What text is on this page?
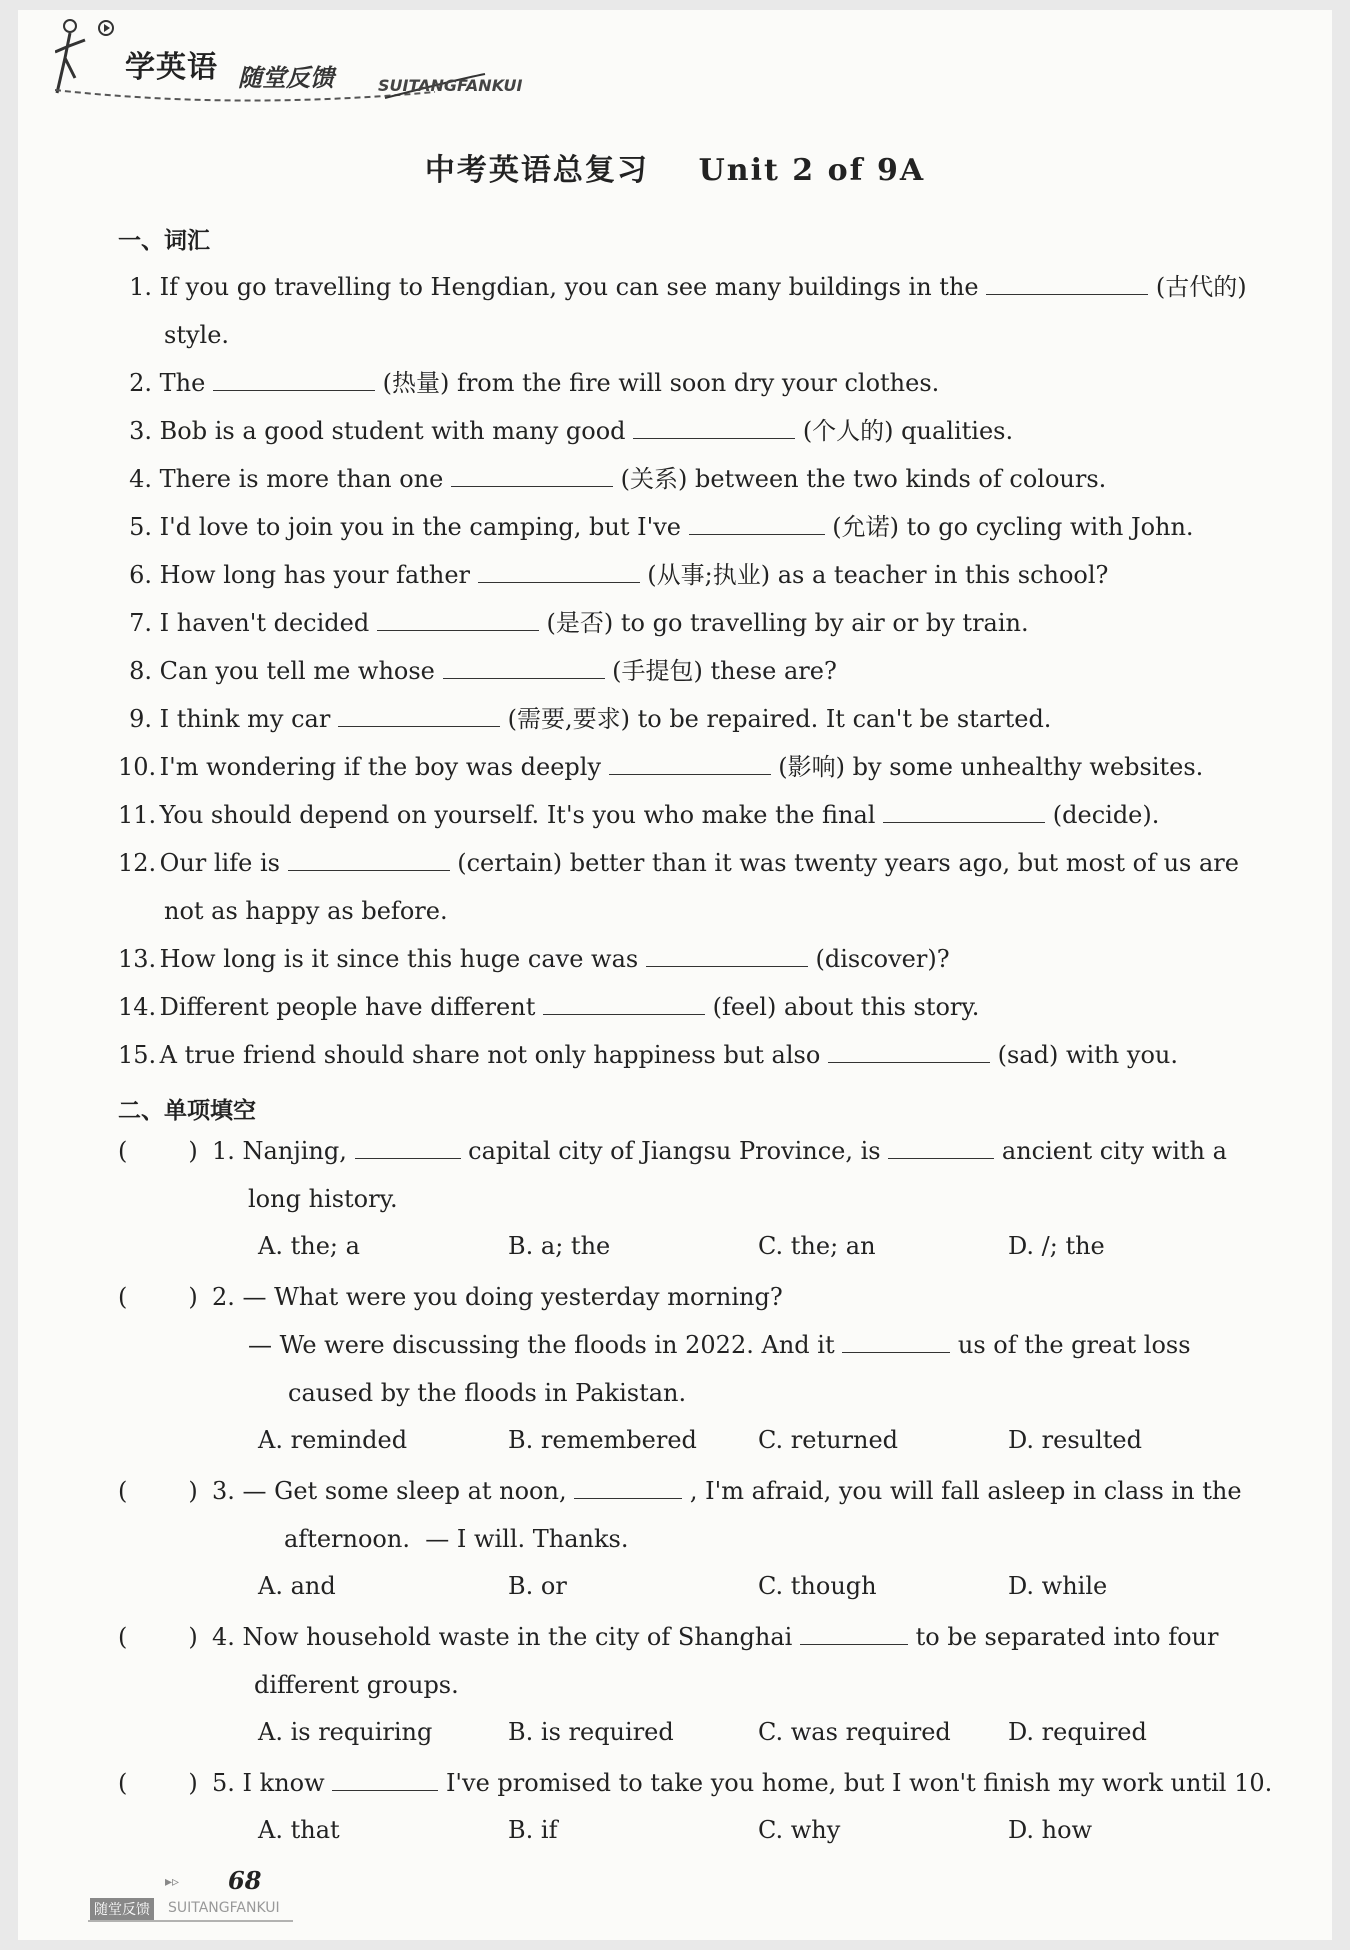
学英语 随堂反馈	SUITANGFANKUI
中考英语总复习    Unit 2 of 9A
一、词汇
1. If you go travelling to Hengdian, you can see many buildings in the	(古代的)
style.
2. The	(热量) from the fire will soon dry your clothes.
3. Bob is a good student with many good	(个人的) qualities.
4. There is more than one	(关系) between the two kinds of colours.
5. I'd love to join you in the camping, but I've	(允诺) to go cycling with John.
6. How long has your father	(从事;执业) as a teacher in this school?
7. I haven't decided	(是否) to go travelling by air or by train.
8. Can you tell me whose	(手提包) these are?
9. I think my car	(需要,要求) to be repaired. It can't be started.
10. I'm wondering if the boy was deeply	(影响) by some unhealthy websites.
11. You should depend on yourself. It's you who make the final	(decide).
12. Our life is	(certain) better than it was twenty years ago, but most of us are
not as happy as before.
13. How long is it since this huge cave was	(discover)?
14. Different people have different	(feel) about this story.
15. A true friend should share not only happiness but also	(sad) with you.
二、单项填空
(        ) 1. Nanjing,	capital city of Jiangsu Province, is	ancient city with a
long history.
A. the; a	B. a; the	C. the; an	D. /; the
(        ) 2. — What were you doing yesterday morning?
— We were discussing the floods in 2022. And it	us of the great loss
caused by the floods in Pakistan.
A. reminded	B. remembered	C. returned	D. resulted
(        ) 3. — Get some sleep at noon,	, I'm afraid, you will fall asleep in class in the
afternoon.  — I will. Thanks.
A. and	B. or	C. though	D. while
(        ) 4. Now household waste in the city of Shanghai	to be separated into four
different groups.
A. is requiring	B. is required	C. was required D. required
(        ) 5. I know	I've promised to take you home, but I won't finish my work until 10.
A. that	B. if	C. why	D. how
▸▹ 68
随堂反馈 SUITANGFANKUI
